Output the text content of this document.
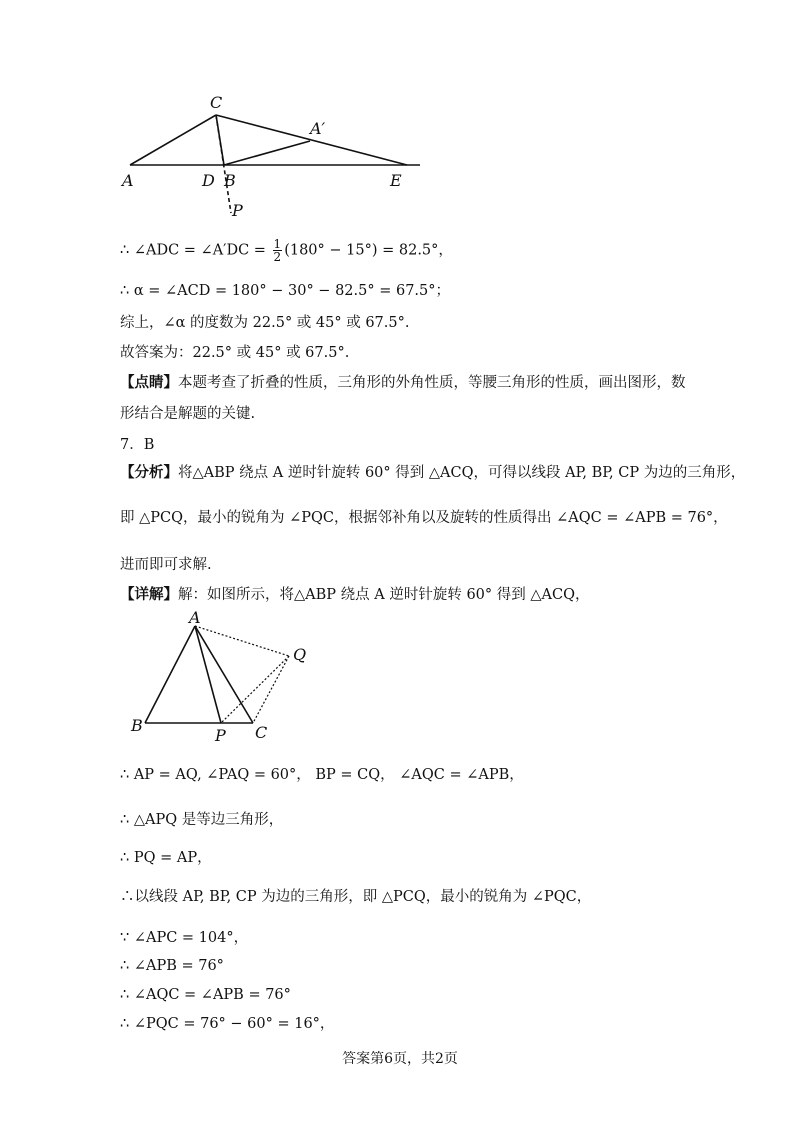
C
A′
A	D B	E
P
∴ ∠ADC = ∠A′DC = $\frac{1}{2} (180^\circ - 15^\circ) = 82.5^\circ$，
∴ α = ∠ACD = 180° − 30° − 82.5° = 67.5°；
综上，∠α 的度数为 22.5° 或 45° 或 67.5°.
故答案为：22.5° 或 45° 或 67.5°.
【点睛】本题考查了折叠的性质，三角形的外角性质，等腰三角形的性质，画出图形，数
形结合是解题的关键.
7．B
【分析】将△ABP 绕点 A 逆时针旋转 60° 得到 △ACQ，可得以线段 AP, BP, CP 为边的三角形，
即 △PCQ，最小的锐角为 ∠PQC，根据邻补角以及旋转的性质得出 ∠AQC = ∠APB = 76°，
进而即可求解.
【详解】解：如图所示，将△ABP 绕点 A 逆时针旋转 60° 得到 △ACQ，
A
Q
B
P C
∴ AP = AQ, ∠PAQ = 60°， BP = CQ， ∠AQC = ∠APB，
∴ △APQ 是等边三角形，
∴ PQ = AP，
∴以线段 AP, BP, CP 为边的三角形，即 △PCQ，最小的锐角为 ∠PQC，
∵ ∠APC = 104°，
∴ ∠APB = 76°
∴ ∠AQC = ∠APB = 76°
∴ ∠PQC = 76° − 60° = 16°，
答案第6页，共2页
